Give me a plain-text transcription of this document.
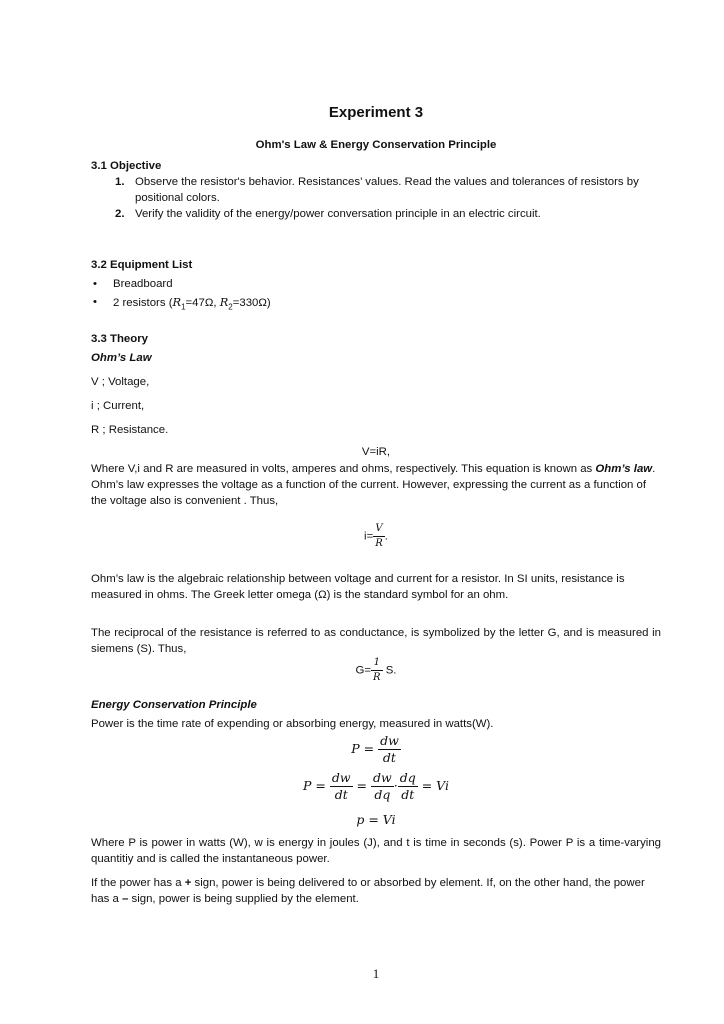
Experiment 3
Ohm's Law & Energy Conservation Principle
3.1 Objective
1. Observe the resistor's behavior. Resistances’ values. Read the values and tolerances of resistors by positional colors.
2. Verify the validity of the energy/power conversation principle in an electric circuit.
3.2 Equipment List
• Breadboard
• 2 resistors ($R_1=47\Omega$, $R_2=330\Omega$)
3.3 Theory
Ohm’s Law
V ; Voltage,
i ; Current,
R ; Resistance.
V=iR,
Where V,i and R are measured in volts, amperes and ohms, respectively. This equation is known as Ohm’s law. Ohm’s law expresses the voltage as a function of the current. However, expressing the current as a function of the voltage also is convenient . Thus,
$i= \frac{V}{R}$ .
Ohm’s law is the algebraic relationship between voltage and current for a resistor. In SI units, resistance is measured in ohms. The Greek letter omega (Ω) is the standard symbol for an ohm.
The reciprocal of the resistance is referred to as conductance, is symbolized by the letter G, and is measured in siemens (S). Thus,
$G= \frac{1}{R} S$.
Energy Conservation Principle
Power is the time rate of expending or absorbing energy, measured in watts(W).
$P = \frac{dw}{dt}$
$P = \frac{dw}{dt} = \frac{dw}{dq} \cdot \frac{dq}{dt} = Vi$
p = Vi
Where P is power in watts (W), w is energy in joules (J), and t is time in seconds (s). Power P is a time-varying quantitiy and is called the instantaneous power.
If the power has a + sign, power is being delivered to or absorbed by element. If, on the other hand, the power has a – sign, power is being supplied by the element.
1
